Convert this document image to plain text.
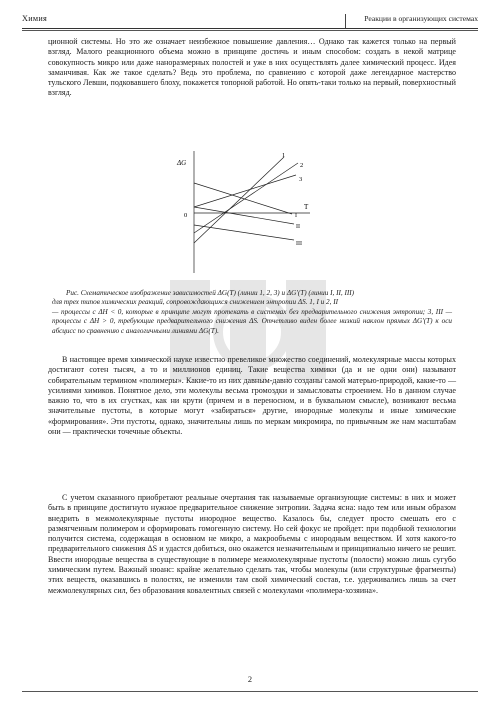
Химия	Реакции в организующих системах

ционной системы. Но это же означает неизбежное повышение давления… Однако так кажется только на первый взгляд. Малого реакционного объема можно в принципе достичь и иным способом: создать в некой матрице совокупность микро или даже наноразмерных полостей и уже в них осуществлять далее химический процесс. Идея заманчивая. Как же такое сделать? Ведь это проблема, по сравнению с которой даже легендарное мастерство тульского Левши, подковавшего блоху, покажется топорной работой. Но опять-таки только на первый, поверхностный взгляд.

ΔG
T
0
1
2
3
I
II
III
Рис. Схематическое изображение зависимостей ΔG(T) (линии 1, 2, 3) и ΔG'(T) (линии I, II, III)
для трех типов химических реакций, сопровождающихся снижением энтропии ΔS. 1, I и 2, II
— процессы с ΔH < 0, которые в принципе могут протекать в системах без предварительного снижения энтропии; 3, III — процессы с ΔH > 0, требующие предварительного снижения ΔS. Отчетливо виден более низкий наклон прямых ΔG'(T) к оси абсцисс по сравнению с аналогичными линиями ΔG(T).

В настоящее время химической науке известно превеликое множество соединений, молекулярные массы которых достигают сотен тысяч, а то и миллионов единиц. Такие вещества химики (да и не одни они) называют собирательным термином «полимеры». Какие-то из них давным-давно созданы самой матерью-природой, какие-то — усилиями химиков. Понятное дело, эти молекулы весьма громоздки и замысловаты строением. Но в данном случае важно то, что в их сгустках, как ни крути (причем и в переносном, и в буквальном смысле), возникают весьма значительные пустоты, в которые могут «забираться» другие, инородные молекулы и иные химические «формирования». Эти пустоты, однако, значительны лишь по меркам микромира, по привычным же нам масштабам они — практически точечные объекты.

С учетом сказанного приобретают реальные очертания так называемые организующие системы: в них и может быть в принципе достигнуто нужное предварительное снижение энтропии. Задача ясна: надо тем или иным образом внедрить в межмолекулярные пустоты инородное вещество. Казалось бы, следует просто смешать его с размягченным полимером и сформировать гомогенную систему. Но сей фокус не пройдет: при подобной технологии получится система, содержащая в основном не микро, а макрообъемы с инородным веществом. И хотя какого-то предварительного снижения ΔS и удастся добиться, оно окажется незначительным и принципиально ничего не решит. Ввести инородные вещества в существующие в полимере межмолекулярные пустоты (полости) можно лишь сугубо химическим путем. Важный нюанс: крайне желательно сделать так, чтобы молекулы (или структурные фрагменты) этих веществ, оказавшись в полостях, не изменили там свой химический состав, т.е. удерживались лишь за счет межмолекулярных сил, без образования ковалентных связей с молекулами «полимера-хозяина».

2
